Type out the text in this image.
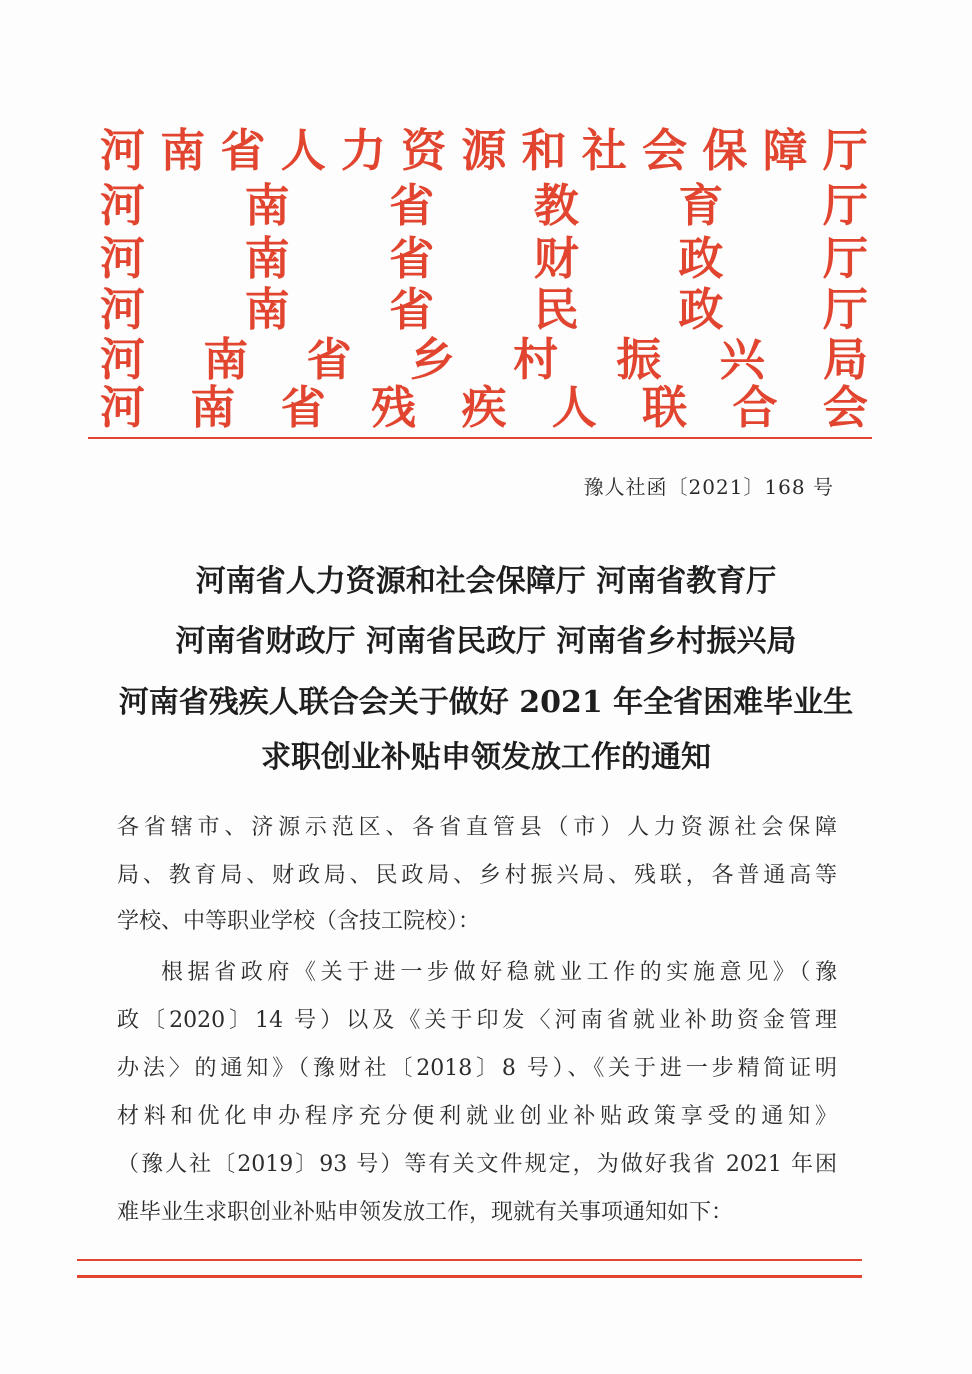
河 南 省 人 力 资 源 和 社 会 保 障 厅
河 南 省 教 育 厅
河 南 省 财 政 厅
河 南 省 民 政 厅
河 南 省 乡 村 振 兴 局
河 南 省 残 疾 人 联 合 会
豫人社函〔2021〕168 号
河南省人力资源和社会保障厅 河南省教育厅
河南省财政厅 河南省民政厅 河南省乡村振兴局
河南省残疾人联合会关于做好 2021 年全省困难毕业生
求职创业补贴申领发放工作的通知
各省辖市、济源示范区、各省直管县（市）人力资源社会保障
局、教育局、财政局、民政局、乡村振兴局、残联，各普通高等
学校、中等职业学校（含技工院校）：
根据省政府《关于进一步做好稳就业工作的实施意见》（豫
政〔2020〕14 号）以及《关于印发〈河南省就业补助资金管理
办法〉的通知》（豫财社〔2018〕8 号）、《关于进一步精简证明
材料和优化申办程序充分便利就业创业补贴政策享受的通知》
（豫人社〔2019〕93 号）等有关文件规定，为做好我省 2021 年困
难毕业生求职创业补贴申领发放工作，现就有关事项通知如下：
